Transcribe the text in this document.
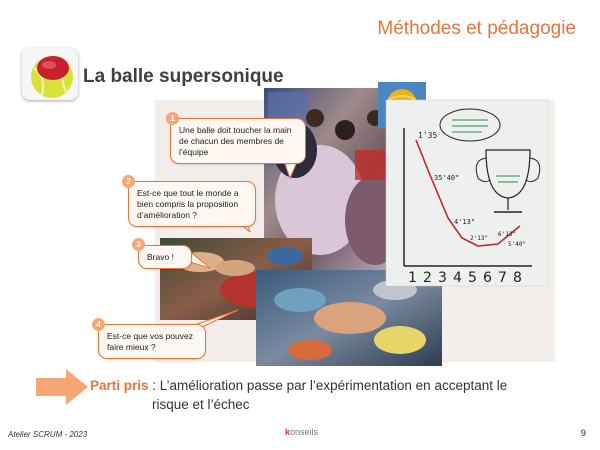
Méthodes et pédagogie
La balle supersonique
1'35
35'40"
4'13"
2'13"
6'13"
5'40"
1 2 3 4 5 6 7 8
Une balle doit toucher la main
de chacun des membres de
l’équipe
1
Est-ce que tout le monde a
bien compris la proposition
d’amélioration ?
2
Bravo !
3
Est-ce que vos pouvez
faire mieux ?
4
Parti pris : L’amélioration passe par l’expérimentation en acceptant le
risque et l’échec
Atelier SCRUM - 2023	konseils	9
